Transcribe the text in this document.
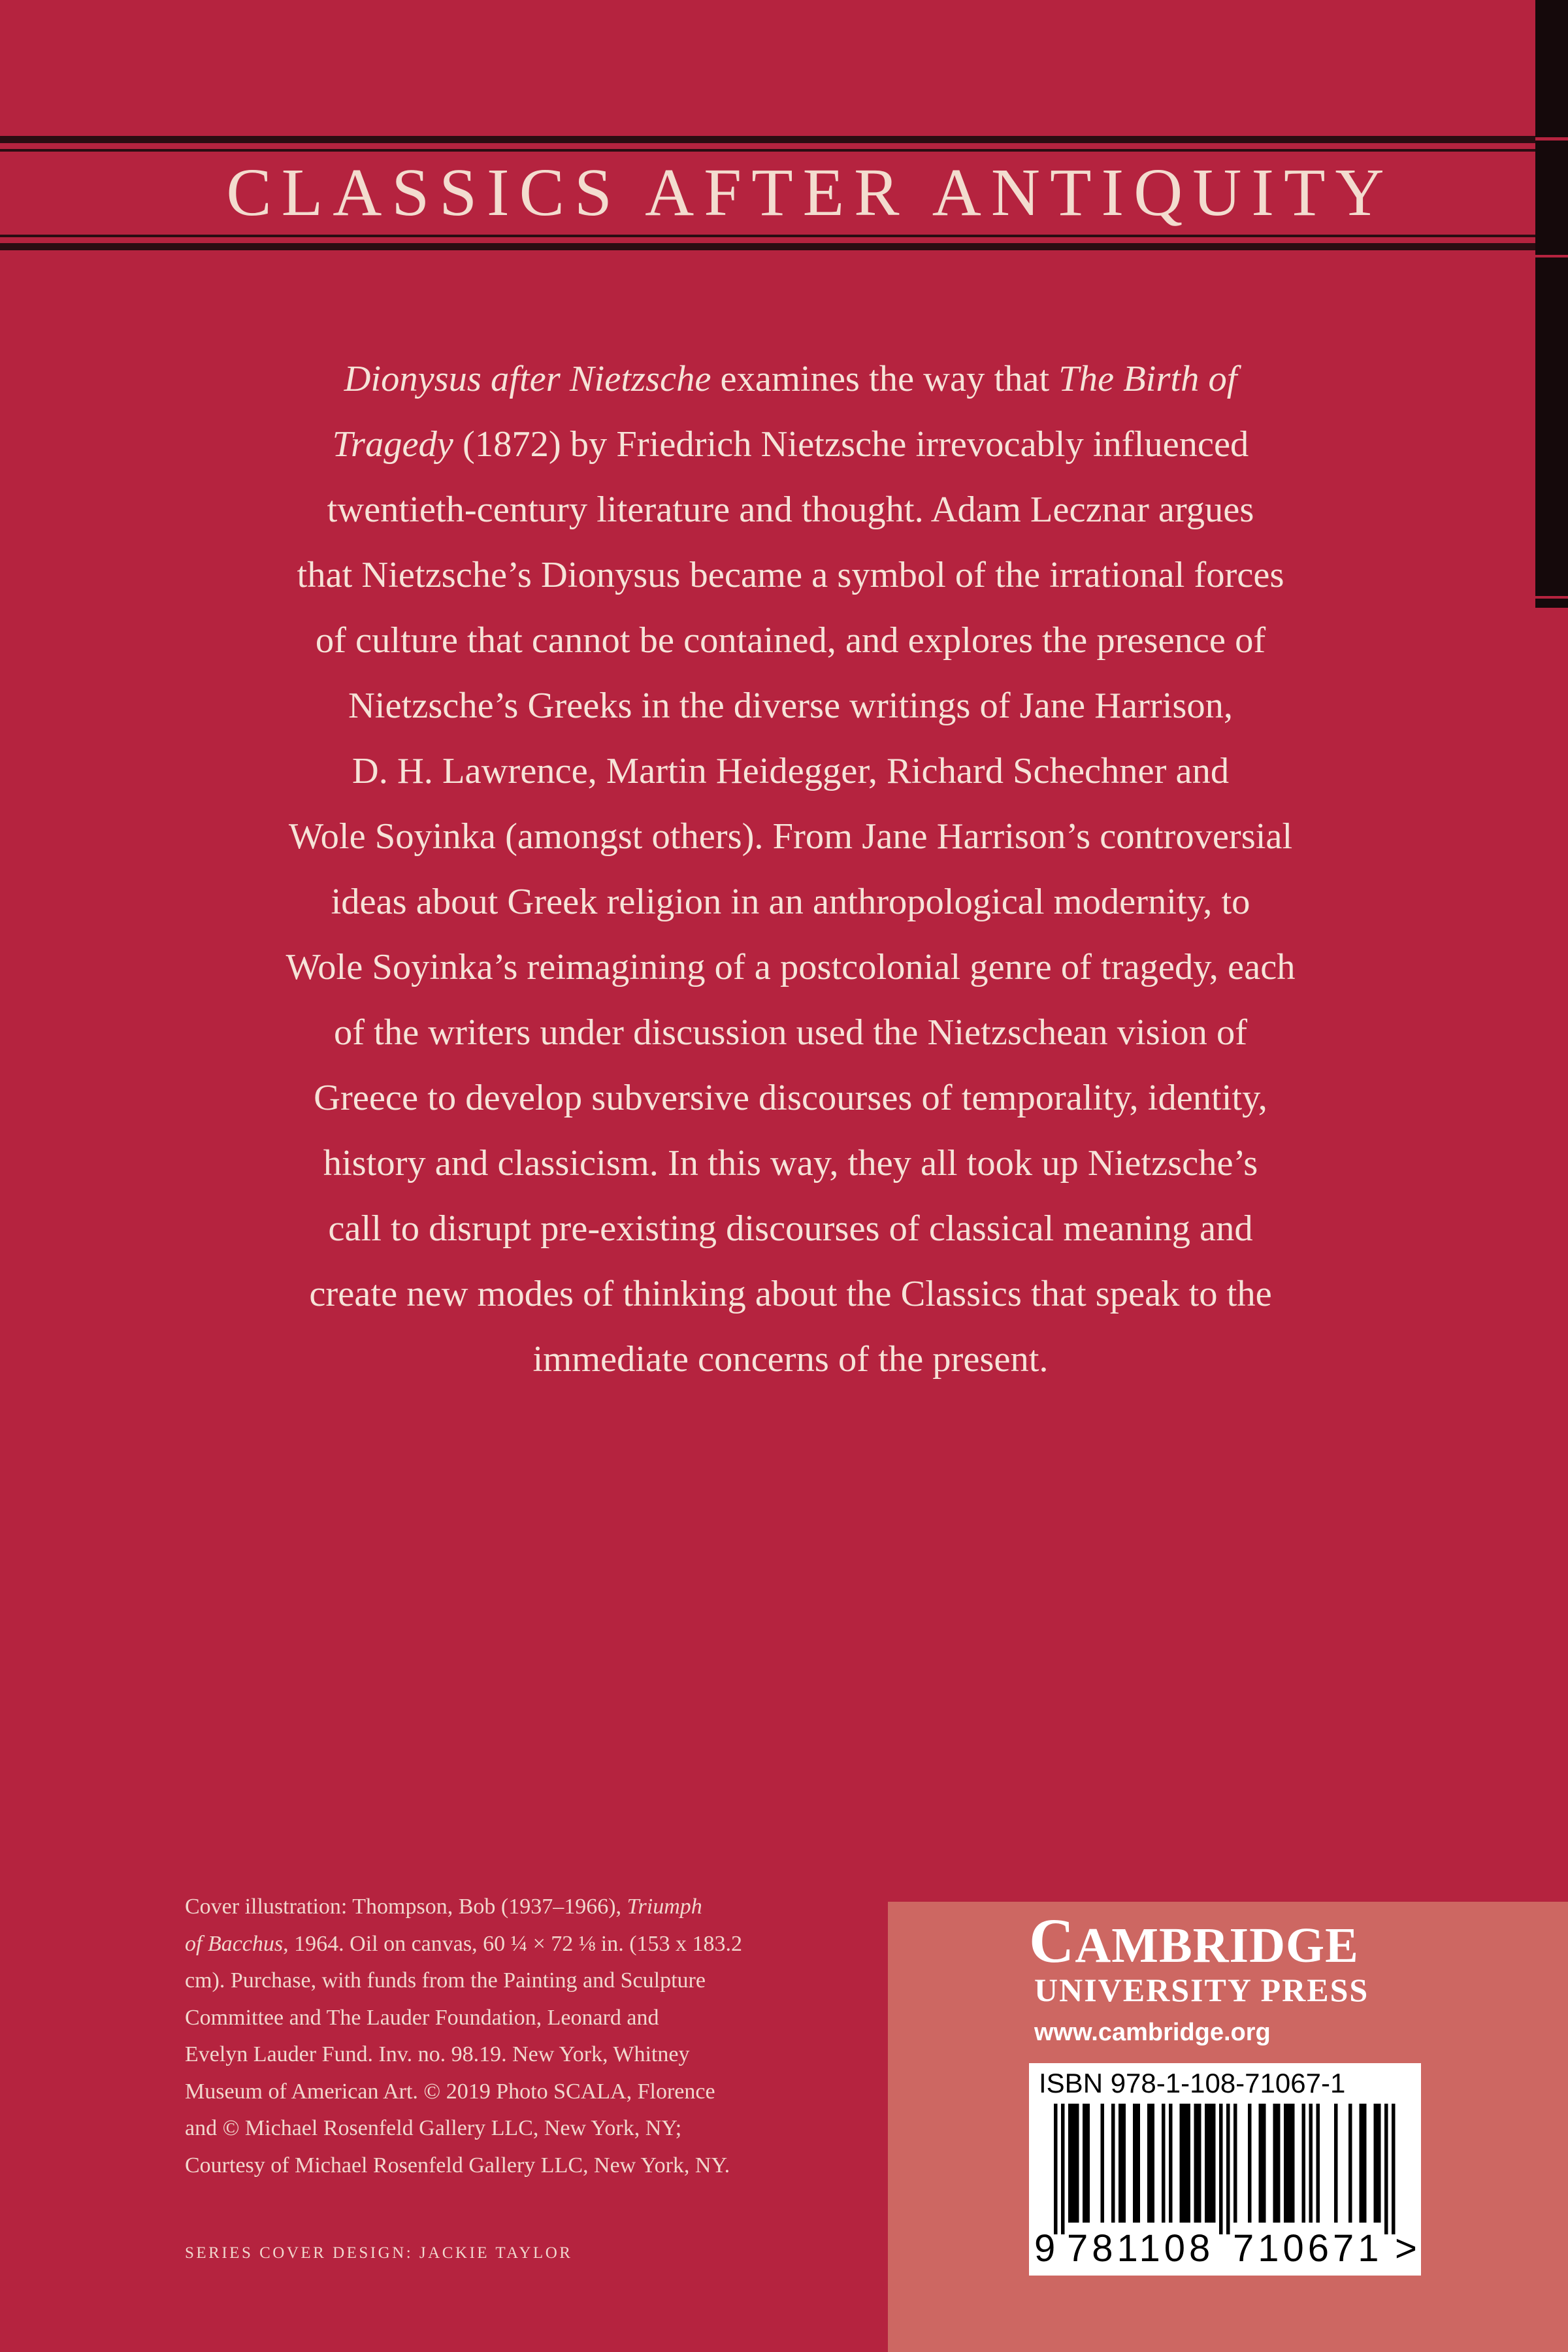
CLASSICS AFTER ANTIQUITY
Dionysus after Nietzsche examines the way that The Birth of
Tragedy (1872) by Friedrich Nietzsche irrevocably influenced
twentieth-century literature and thought. Adam Lecznar argues
that Nietzsche’s Dionysus became a symbol of the irrational forces
of culture that cannot be contained, and explores the presence of
Nietzsche’s Greeks in the diverse writings of Jane Harrison,
D. H. Lawrence, Martin Heidegger, Richard Schechner and
Wole Soyinka (amongst others). From Jane Harrison’s controversial
ideas about Greek religion in an anthropological modernity, to
Wole Soyinka’s reimagining of a postcolonial genre of tragedy, each
of the writers under discussion used the Nietzschean vision of
Greece to develop subversive discourses of temporality, identity,
history and classicism. In this way, they all took up Nietzsche’s
call to disrupt pre-existing discourses of classical meaning and
create new modes of thinking about the Classics that speak to the
immediate concerns of the present.
Cover illustration: Thompson, Bob (1937–1966), Triumph
of Bacchus, 1964. Oil on canvas, 60 ¼ × 72 ⅛ in. (153 x 183.2
cm). Purchase, with funds from the Painting and Sculpture
Committee and The Lauder Foundation, Leonard and
Evelyn Lauder Fund. Inv. no. 98.19. New York, Whitney
Museum of American Art. © 2019 Photo SCALA, Florence
and © Michael Rosenfeld Gallery LLC, New York, NY;
Courtesy of Michael Rosenfeld Gallery LLC, New York, NY.
SERIES COVER DESIGN: JACKIE TAYLOR
CAMBRIDGE
UNIVERSITY PRESS
www.cambridge.org
ISBN 978-1-108-71067-1
9 781108 710671 >
